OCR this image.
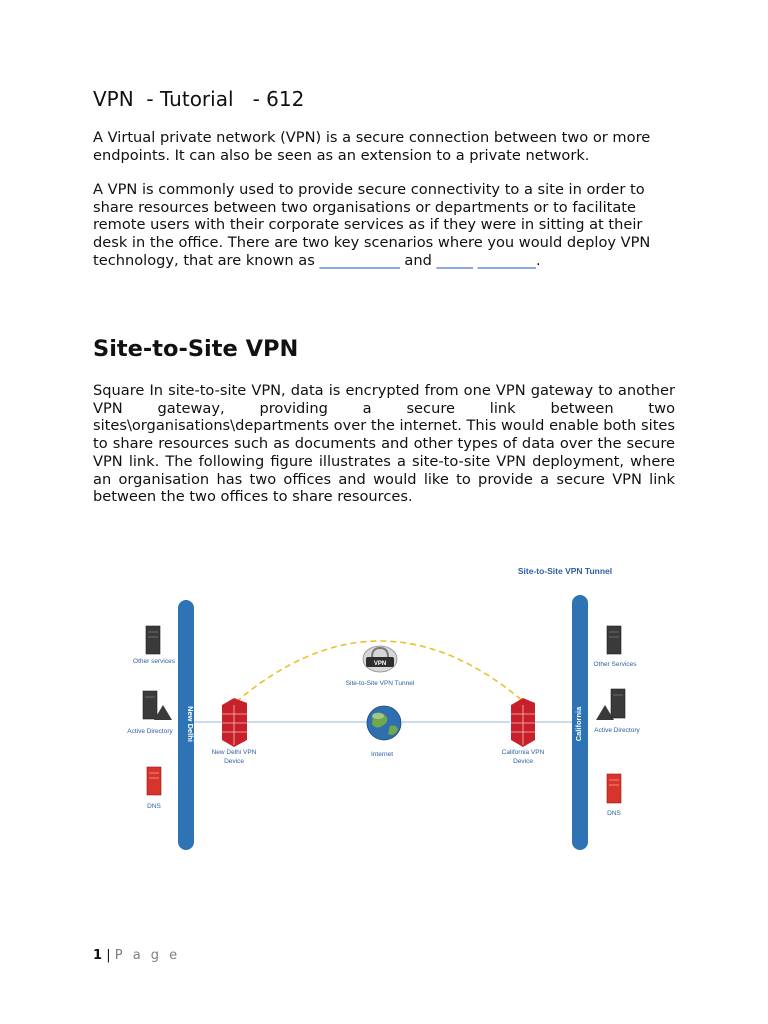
VPN  - Tutorial   - 612
A Virtual private network (VPN) is a secure connection between two or more endpoints. It can also be seen as an extension to a private network.
A VPN is commonly used to provide secure connectivity to a site in order to share resources between two organisations or departments or to facilitate remote users with their corporate services as if they were in sitting at their desk in the office. There are two key scenarios where you would deploy VPN technology, that are known as ___________ and _____ ________.
Site-to-Site VPN
Square In site-to-site VPN, data is encrypted from one VPN gateway to another VPN gateway, providing a secure link between two sites\organisations\departments over the internet. This would enable both sites to share resources such as documents and other types of data over the secure VPN link. The following figure illustrates a site-to-site VPN deployment, where an organisation has two offices and would like to provide a secure VPN link between the two offices to share resources.
Site-to-Site VPN Tunnel
New Delhi	California
Other services
Active Directory
DNS
Other Services
Active Directory
DNS
New Delhi VPN
Device
California VPN
Device
Internet
VPN
Site-to-Site VPN Tunnel
1 | P a g e
